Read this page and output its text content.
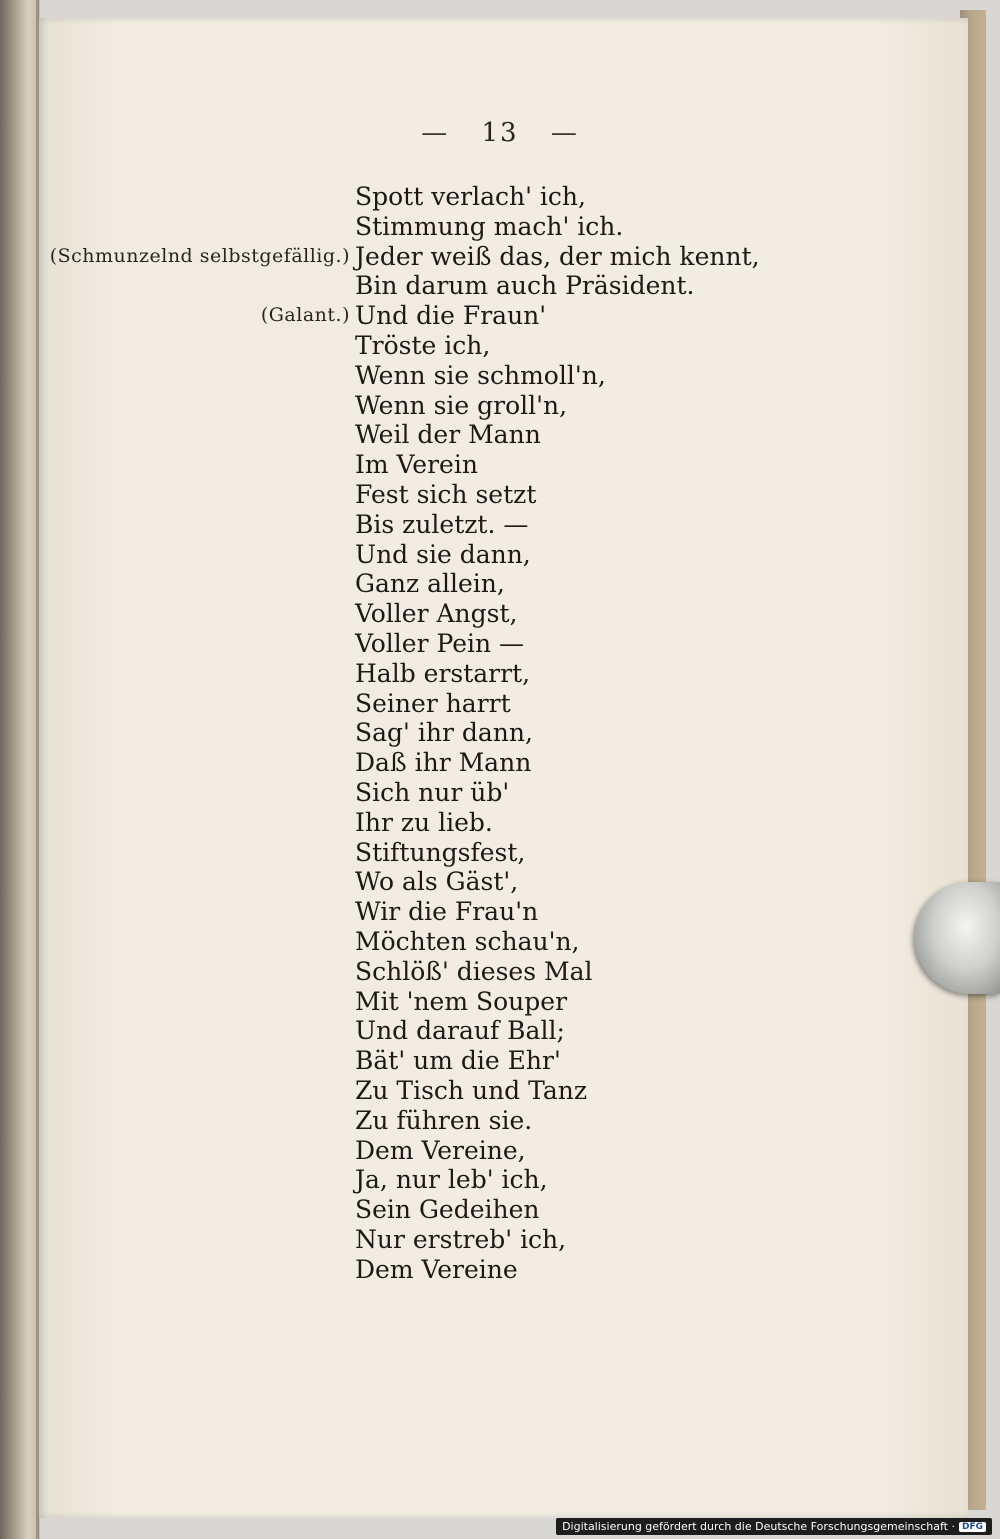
— 13 —
Spott verlach' ich,
Stimmung mach' ich.
(Schmunzelnd selbstgefällig.) Jeder weiß das, der mich kennt,
Bin darum auch Präsident.
(Galant.) Und die Fraun'
Tröste ich,
Wenn sie schmoll'n,
Wenn sie groll'n,
Weil der Mann
Im Verein
Fest sich setzt
Bis zuletzt. —
Und sie dann,
Ganz allein,
Voller Angst,
Voller Pein —
Halb erstarrt,
Seiner harrt
Sag' ihr dann,
Daß ihr Mann
Sich nur üb'
Ihr zu lieb.
Stiftungsfest,
Wo als Gäst',
Wir die Frau'n
Möchten schau'n,
Schlöß' dieses Mal
Mit 'nem Souper
Und darauf Ball;
Bät' um die Ehr'
Zu Tisch und Tanz
Zu führen sie.
Dem Vereine,
Ja, nur leb' ich,
Sein Gedeihen
Nur erstreb' ich,
Dem Vereine
Digitalisierung gefördert durch die Deutsche Forschungsgemeinschaft · DFG
